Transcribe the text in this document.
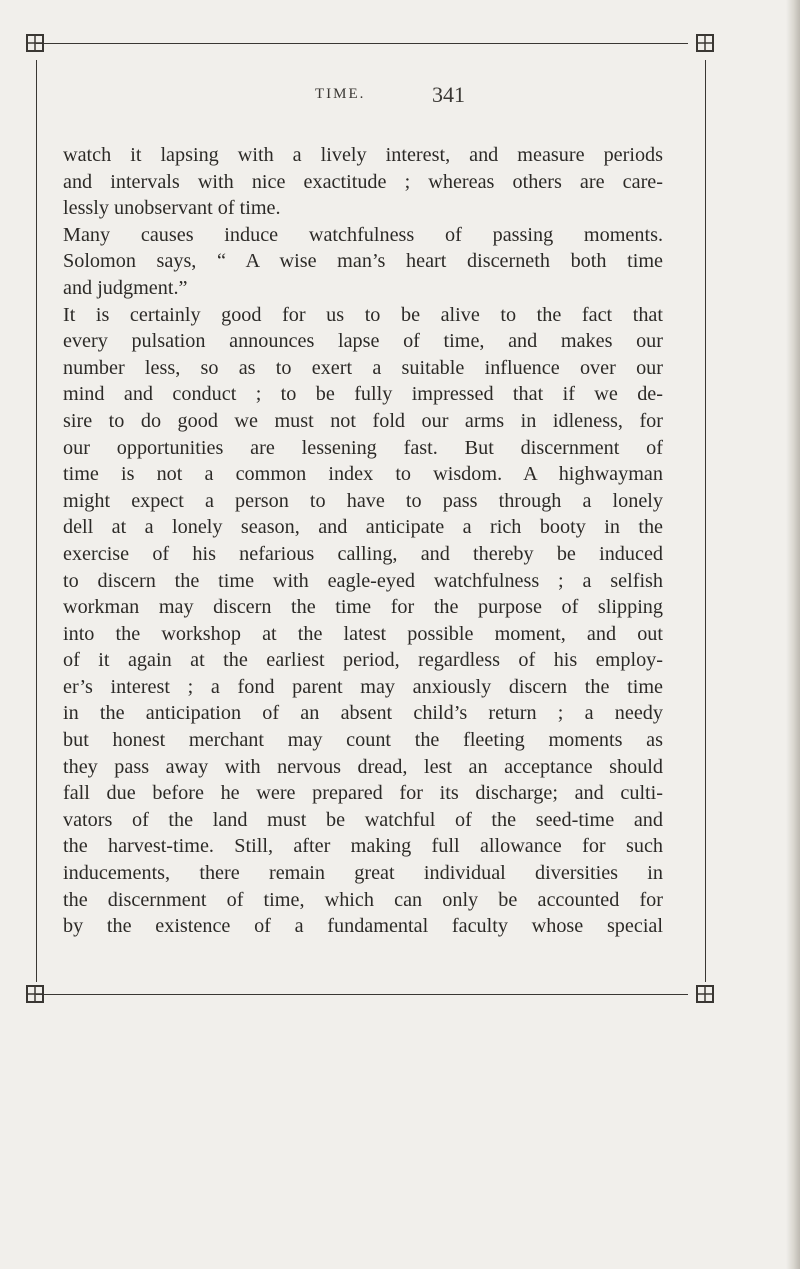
TIME.	341
watch it lapsing with a lively interest, and measure periods
and intervals with nice exactitude ; whereas others are care-
lessly unobservant of time.
Many causes induce watchfulness of passing moments.
Solomon says, “ A wise man’s heart discerneth both time
and judgment.”
It is certainly good for us to be alive to the fact that
every pulsation announces lapse of time, and makes our
number less, so as to exert a suitable influence over our
mind and conduct ; to be fully impressed that if we de-
sire to do good we must not fold our arms in idleness, for
our opportunities are lessening fast. But discernment of
time is not a common index to wisdom. A highwayman
might expect a person to have to pass through a lonely
dell at a lonely season, and anticipate a rich booty in the
exercise of his nefarious calling, and thereby be induced
to discern the time with eagle-eyed watchfulness ; a selfish
workman may discern the time for the purpose of slipping
into the workshop at the latest possible moment, and out
of it again at the earliest period, regardless of his employ-
er’s interest ; a fond parent may anxiously discern the time
in the anticipation of an absent child’s return ; a needy
but honest merchant may count the fleeting moments as
they pass away with nervous dread, lest an acceptance should
fall due before he were prepared for its discharge; and culti-
vators of the land must be watchful of the seed-time and
the harvest-time. Still, after making full allowance for such
inducements, there remain great individual diversities in
the discernment of time, which can only be accounted for
by the existence of a fundamental faculty whose special
